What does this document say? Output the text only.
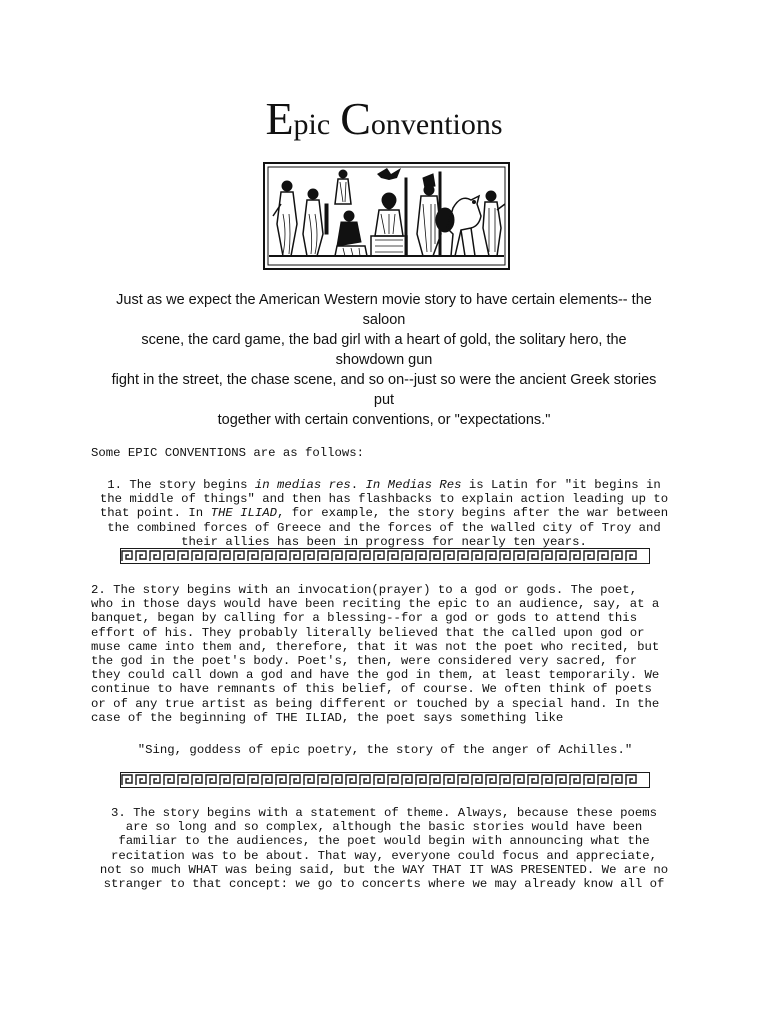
Epic Conventions
Just as we expect the American Western movie story to have certain elements-- the
saloon
scene, the card game, the bad girl with a heart of gold, the solitary hero, the
showdown gun
fight in the street, the chase scene, and so on--just so were the ancient Greek stories
put
together with certain conventions, or "expectations."
Some EPIC CONVENTIONS are as follows:
1. The story begins in medias res. In Medias Res is Latin for "it begins in
the middle of things" and then has flashbacks to explain action leading up to
that point. In THE ILIAD, for example, the story begins after the war between
the combined forces of Greece and the forces of the walled city of Troy and
their allies has been in progress for nearly ten years.
2. The story begins with an invocation(prayer) to a god or gods. The poet,
who in those days would have been reciting the epic to an audience, say, at a
banquet, began by calling for a blessing--for a god or gods to attend this
effort of his. They probably literally believed that the called upon god or
muse came into them and, therefore, that it was not the poet who recited, but
the god in the poet's body. Poet's, then, were considered very sacred, for
they could call down a god and have the god in them, at least temporarily. We
continue to have remnants of this belief, of course. We often think of poets
or of any true artist as being different or touched by a special hand. In the
case of the beginning of THE ILIAD, the poet says something like
"Sing, goddess of epic poetry, the story of the anger of Achilles."
3. The story begins with a statement of theme. Always, because these poems
are so long and so complex, although the basic stories would have been
familiar to the audiences, the poet would begin with announcing what the
recitation was to be about. That way, everyone could focus and appreciate,
not so much WHAT was being said, but the WAY THAT IT WAS PRESENTED. We are no
stranger to that concept: we go to concerts where we may already know all of
